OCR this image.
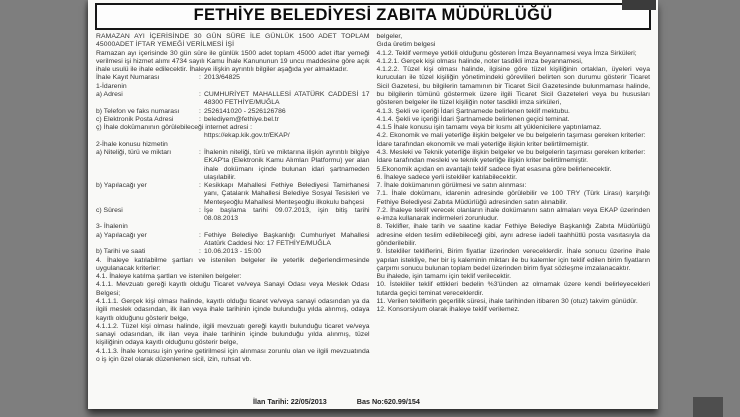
FETHİYE BELEDİYESİ ZABITA MÜDÜRLÜĞÜ

RAMAZAN AYI İÇERİSİNDE 30 GÜN SÜRE İLE GÜNLÜK 1500 ADET TOPLAM 45000ADET İFTAR YEMEĞİ VERİLMESİ İŞİ

Ramazan ayı içerisinde 30 gün süre ile günlük 1500 adet toplam 45000 adet iftar yemeği verilmesi işi hizmet alımı 4734 sayılı Kamu İhale Kanununun 19 uncu maddesine göre açık ihale usulü ile ihale edilecektir. İhaleye ilişkin ayrıntılı bilgiler aşağıda yer almaktadır.

İhale Kayıt Numarası	: 2013/64825

1-İdarenin

a) Adresi	: CUMHURİYET MAHALLESİ ATATÜRK CADDESİ 17 48300 FETHİYE/MUĞLA
b) Telefon ve faks numarası	: 2526141020 - 2526126786
c) Elektronik Posta Adresi	: belediyem@fethiye.bel.tr

ç) İhale dokümanının görülebileceği internet adresi :

https://ekap.kik.gov.tr/EKAP/

2-İhale konusu hizmetin

a) Niteliği, türü ve miktarı	: İhalenin niteliği, türü ve miktarına ilişkin ayrıntılı bilgiye EKAP'ta (Elektronik Kamu Alımları Platformu) yer alan ihale dokümanı içinde bulunan idari şartnameden ulaşılabilir.
b) Yapılacağı yer	: Kesikkapı Mahallesi Fethiye Belediyesi Tamirhanesi yanı, Çatalarık Mahallesi Belediye Sosyal Tesisleri ve Menteşeoğlu Mahallesi Menteşeoğlu ilkokulu bahçesi
c) Süresi	: İşe başlama tarihi 09.07.2013, işin bitiş tarihi 08.08.2013

3- İhalenin

a) Yapılacağı yer	: Fethiye Belediye Başkanlığı Cumhuriyet Mahallesi Atatürk Caddesi No: 17 FETHİYE/MUĞLA
b) Tarihi ve saati	: 10.06.2013 - 15:00

4. İhaleye katılabilme şartları ve istenilen belgeler ile yeterlik değerlendirmesinde uygulanacak kriterler:

4.1. İhaleye katılma şartları ve istenilen belgeler:

4.1.1. Mevzuatı gereği kayıtlı olduğu Ticaret ve/veya Sanayi Odası veya Meslek Odası Belgesi;

4.1.1.1. Gerçek kişi olması halinde, kayıtlı olduğu ticaret ve/veya sanayi odasından ya da ilgili meslek odasından, ilk ilan veya ihale tarihinin içinde bulunduğu yılda alınmış, odaya kayıtlı olduğunu gösterir belge,

4.1.1.2. Tüzel kişi olması halinde, ilgili mevzuatı gereği kayıtlı bulunduğu ticaret ve/veya sanayi odasından, ilk ilan veya ihale tarihinin içinde bulunduğu yılda alınmış, tüzel kişiliğinin odaya kayıtlı olduğunu gösterir belge,

4.1.1.3. İhale konusu işin yerine getirilmesi için alınması zorunlu olan ve ilgili mevzuatında o iş için özel olarak düzenlenen sicil, izin, ruhsat vb.

belgeler,

Gıda üretim belgesi

4.1.2. Teklif vermeye yetkili olduğunu gösteren İmza Beyannamesi veya İmza Sirküleri;

4.1.2.1. Gerçek kişi olması halinde, noter tasdikli imza beyannamesi,

4.1.2.2. Tüzel kişi olması halinde, ilgisine göre tüzel kişiliğinin ortakları, üyeleri veya kurucuları ile tüzel kişiliğin yönetimindeki görevlileri belirten son durumu gösterir Ticaret Sicil Gazetesi, bu bilgilerin tamamının bir Ticaret Sicil Gazetesinde bulunmaması halinde, bu bilgilerin tümünü göstermek üzere ilgili Ticaret Sicil Gazeteleri veya bu hususları gösteren belgeler ile tüzel kişiliğin noter tasdikli imza sirküleri,

4.1.3. Şekli ve içeriği İdari Şartnamede belirlenen teklif mektubu.

4.1.4. Şekli ve içeriği İdari Şartnamede belirlenen geçici teminat.

4.1.5 İhale konusu işin tamamı veya bir kısmı alt yüklenicilere yaptırılamaz.

4.2. Ekonomik ve mali yeterliğe ilişkin belgeler ve bu belgelerin taşıması gereken kriterler:

İdare tarafından ekonomik ve mali yeterliğe ilişkin kriter belirtilmemiştir.

4.3. Mesleki ve Teknik yeterliğe ilişkin belgeler ve bu belgelerin taşıması gereken kriterler:

İdare tarafından mesleki ve teknik yeterliğe ilişkin kriter belirtilmemiştir.

5.Ekonomik açıdan en avantajlı teklif sadece fiyat esasına göre belirlenecektir.

6. İhaleye sadece yerli istekliler katılabilecektir.

7. İhale dokümanının görülmesi ve satın alınması:

7.1. İhale dokümanı, idarenin adresinde görülebilir ve 100 TRY (Türk Lirası) karşılığı Fethiye Belediyesi Zabıta Müdürlüğü adresinden satın alınabilir.

7.2. İhaleye teklif verecek olanların ihale dokümanını satın almaları veya EKAP üzerinden e-imza kullanarak indirmeleri zorunludur.

8. Teklifler, ihale tarih ve saatine kadar Fethiye Belediye Başkanlığı Zabıta Müdürlüğü adresine elden teslim edilebileceği gibi, aynı adrese iadeli taahhütlü posta vasıtasıyla da gönderilebilir.

9. İstekliler tekliflerini, Birim fiyatlar üzerinden vereceklerdir. İhale sonucu üzerine ihale yapılan istekliye, her bir iş kaleminin miktarı ile bu kalemler için teklif edilen birim fiyatların çarpımı sonucu bulunan toplam bedel üzerinden birim fiyat sözleşme imzalanacaktır.

Bu ihalede, işin tamamı için teklif verilecektir.

10. İstekliler teklif ettikleri bedelin %3'ünden az olmamak üzere kendi belirleyecekleri tutarda geçici teminat vereceklerdir.

11. Verilen tekliflerin geçerlilik süresi, ihale tarihinden itibaren 30 (otuz) takvim günüdür.

12. Konsorsiyum olarak ihaleye teklif verilemez.

İlan Tarihi: 22/05/2013	Bas No:620.99/154
